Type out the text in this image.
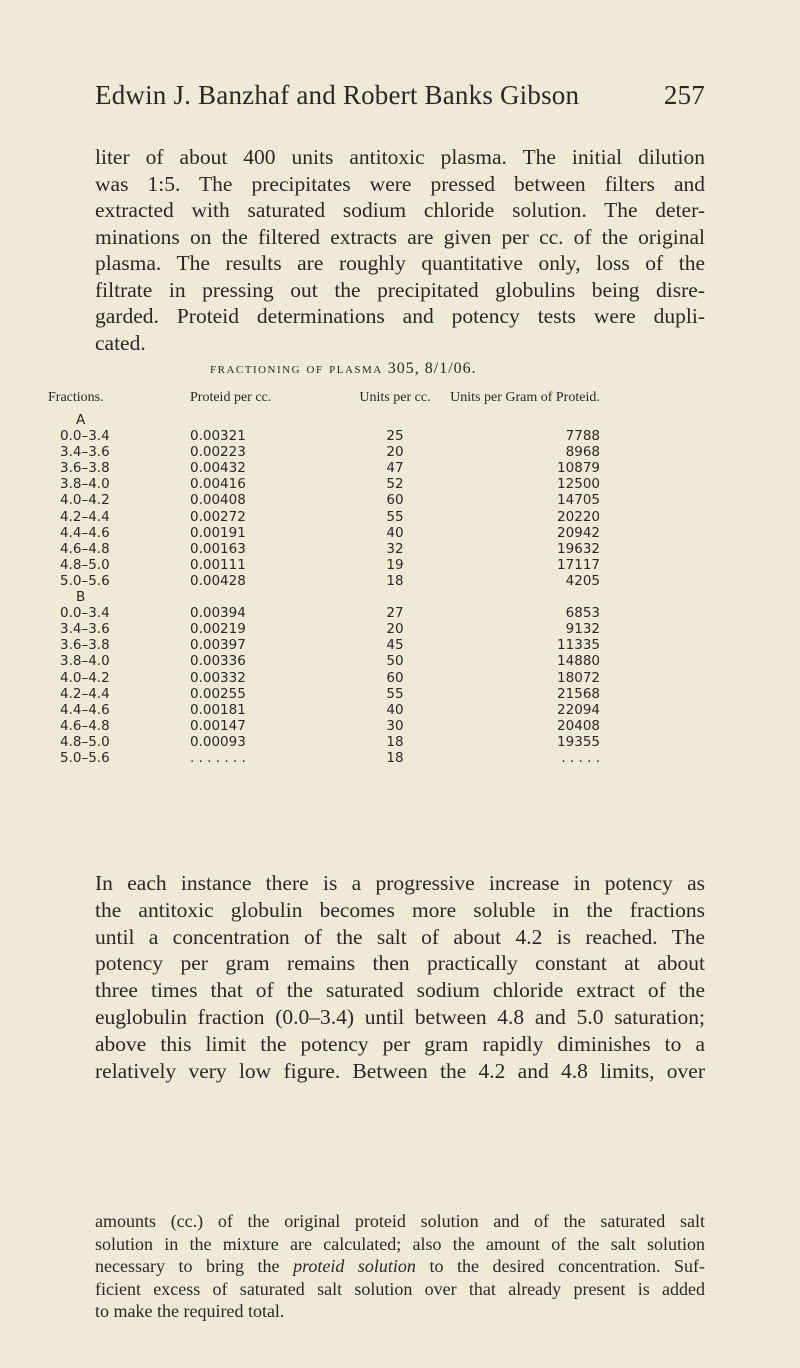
Edwin J. Banzhaf and Robert Banks Gibson	257
liter of about 400 units antitoxic plasma. The initial dilution
was 1:5. The precipitates were pressed between filters and
extracted with saturated sodium chloride solution. The deter-
minations on the filtered extracts are given per cc. of the original
plasma. The results are roughly quantitative only, loss of the
filtrate in pressing out the precipitated globulins being disre-
garded. Proteid determinations and potency tests were dupli-
cated.
fractioning of plasma 305, 8/1/06.
Fractions.	Proteid per cc.	Units per cc.	Units per Gram of Proteid.
A			
0.0–3.4	0.00321	25	7788
3.4–3.6	0.00223	20	8968
3.6–3.8	0.00432	47	10879
3.8–4.0	0.00416	52	12500
4.0–4.2	0.00408	60	14705
4.2–4.4	0.00272	55	20220
4.4–4.6	0.00191	40	20942
4.6–4.8	0.00163	32	19632
4.8–5.0	0.00111	19	17117
5.0–5.6	0.00428	18	4205
B			
0.0–3.4	0.00394	27	6853
3.4–3.6	0.00219	20	9132
3.6–3.8	0.00397	45	11335
3.8–4.0	0.00336	50	14880
4.0–4.2	0.00332	60	18072
4.2–4.4	0.00255	55	21568
4.4–4.6	0.00181	40	22094
4.6–4.8	0.00147	30	20408
4.8–5.0	0.00093	18	19355
5.0–5.6	. . . . . . .	18	. . . . .
In each instance there is a progressive increase in potency as
the antitoxic globulin becomes more soluble in the fractions
until a concentration of the salt of about 4.2 is reached. The
potency per gram remains then practically constant at about
three times that of the saturated sodium chloride extract of the
euglobulin fraction (0.0–3.4) until between 4.8 and 5.0 saturation;
above this limit the potency per gram rapidly diminishes to a
relatively very low figure. Between the 4.2 and 4.8 limits, over
amounts (cc.) of the original proteid solution and of the saturated salt
solution in the mixture are calculated; also the amount of the salt solution
necessary to bring the proteid solution to the desired concentration. Suf-
ficient excess of saturated salt solution over that already present is added
to make the required total.
